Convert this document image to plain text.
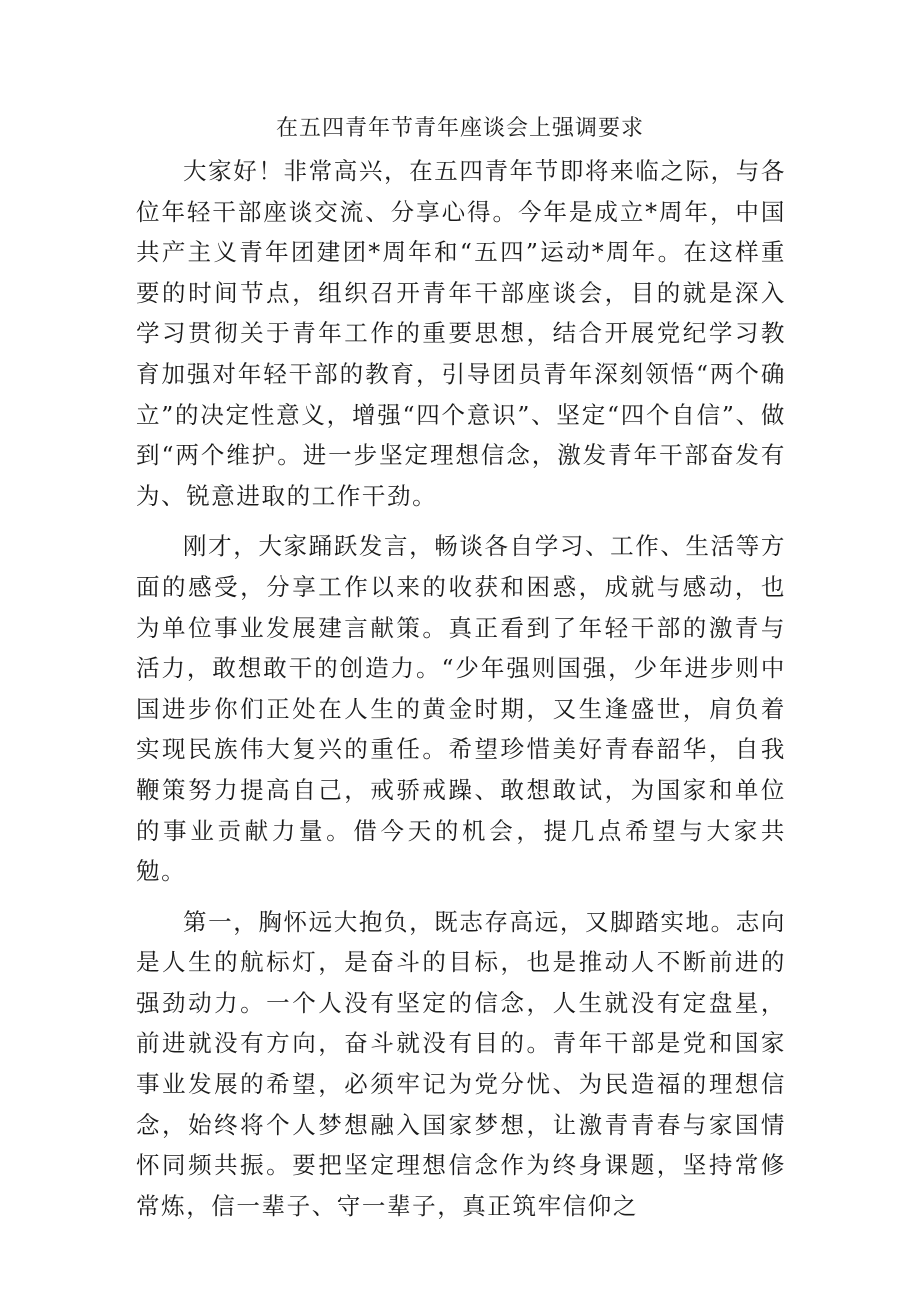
在五四青年节青年座谈会上强调要求

大家好！非常高兴，在五四青年节即将来临之际，与各位年轻干部座谈交流、分享心得。今年是成立*周年，中国共产主义青年团建团*周年和“五四”运动*周年。在这样重要的时间节点，组织召开青年干部座谈会，目的就是深入学习贯彻关于青年工作的重要思想，结合开展党纪学习教育加强对年轻干部的教育，引导团员青年深刻领悟“两个确立”的决定性意义，增强“四个意识”、坚定“四个自信”、做到“两个维护。进一步坚定理想信念，激发青年干部奋发有为、锐意进取的工作干劲。

刚才，大家踊跃发言，畅谈各自学习、工作、生活等方面的感受，分享工作以来的收获和困惑，成就与感动，也为单位事业发展建言献策。真正看到了年轻干部的激青与活力，敢想敢干的创造力。“少年强则国强，少年进步则中国进步你们正处在人生的黄金时期，又生逢盛世，肩负着实现民族伟大复兴的重任。希望珍惜美好青春韶华，自我鞭策努力提高自己，戒骄戒躁、敢想敢试，为国家和单位的事业贡献力量。借今天的机会，提几点希望与大家共勉。

第一，胸怀远大抱负，既志存高远，又脚踏实地。志向是人生的航标灯，是奋斗的目标，也是推动人不断前进的强劲动力。一个人没有坚定的信念，人生就没有定盘星，前进就没有方向，奋斗就没有目的。青年干部是党和国家事业发展的希望，必须牢记为党分忧、为民造福的理想信念，始终将个人梦想融入国家梦想，让激青青春与家国情怀同频共振。要把坚定理想信念作为终身课题，坚持常修常炼，信一辈子、守一辈子，真正筑牢信仰之
